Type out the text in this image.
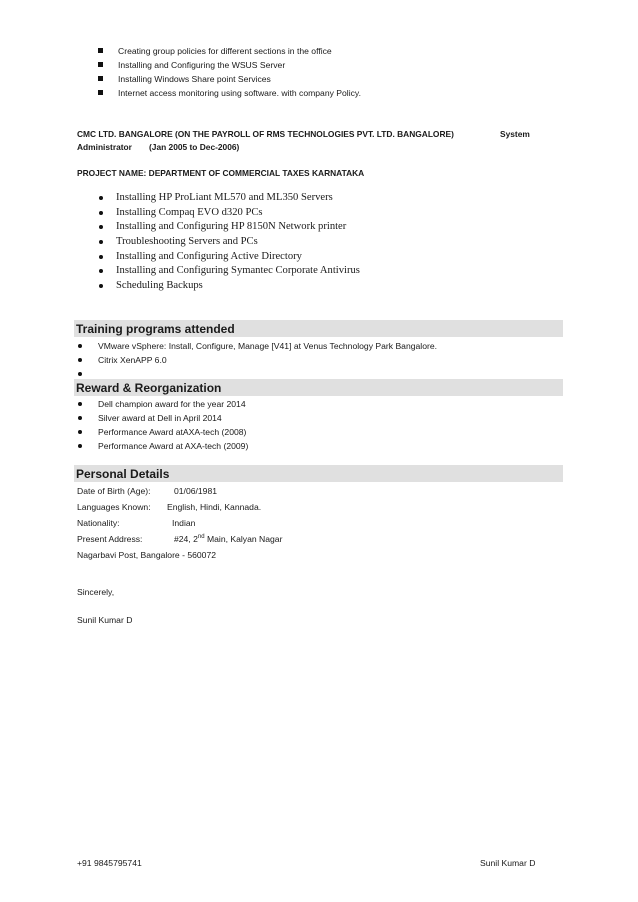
Creating group policies for different sections in the office
Installing and Configuring the WSUS Server
Installing Windows Share point Services
Internet access monitoring using software. with company Policy.
CMC LTD. BANGALORE (ON THE PAYROLL OF RMS TECHNOLOGIES PVT. LTD. BANGALORE)	System
Administrator (Jan 2005 to Dec-2006)
PROJECT NAME: DEPARTMENT OF COMMERCIAL TAXES KARNATAKA
Installing HP ProLiant ML570 and ML350 Servers
Installing Compaq EVO d320 PCs
Installing and Configuring HP 8150N Network printer
Troubleshooting Servers and PCs
Installing and Configuring Active Directory
Installing and Configuring Symantec Corporate Antivirus
Scheduling Backups
Training programs attended
VMware vSphere: Install, Configure, Manage [V41] at Venus Technology Park Bangalore.
Citrix XenAPP 6.0
Reward & Reorganization
Dell champion award for the year 2014
Silver award at Dell in April 2014
Performance Award atAXA-tech (2008)
Performance Award at AXA-tech (2009)
Personal Details
Date of Birth (Age):	01/06/1981
Languages Known: English, Hindi, Kannada.
Nationality:	Indian
Present Address:	#24, 2nd Main, Kalyan Nagar
Nagarbavi Post, Bangalore - 560072
Sincerely,
Sunil Kumar D
+91 9845795741	Sunil Kumar D
